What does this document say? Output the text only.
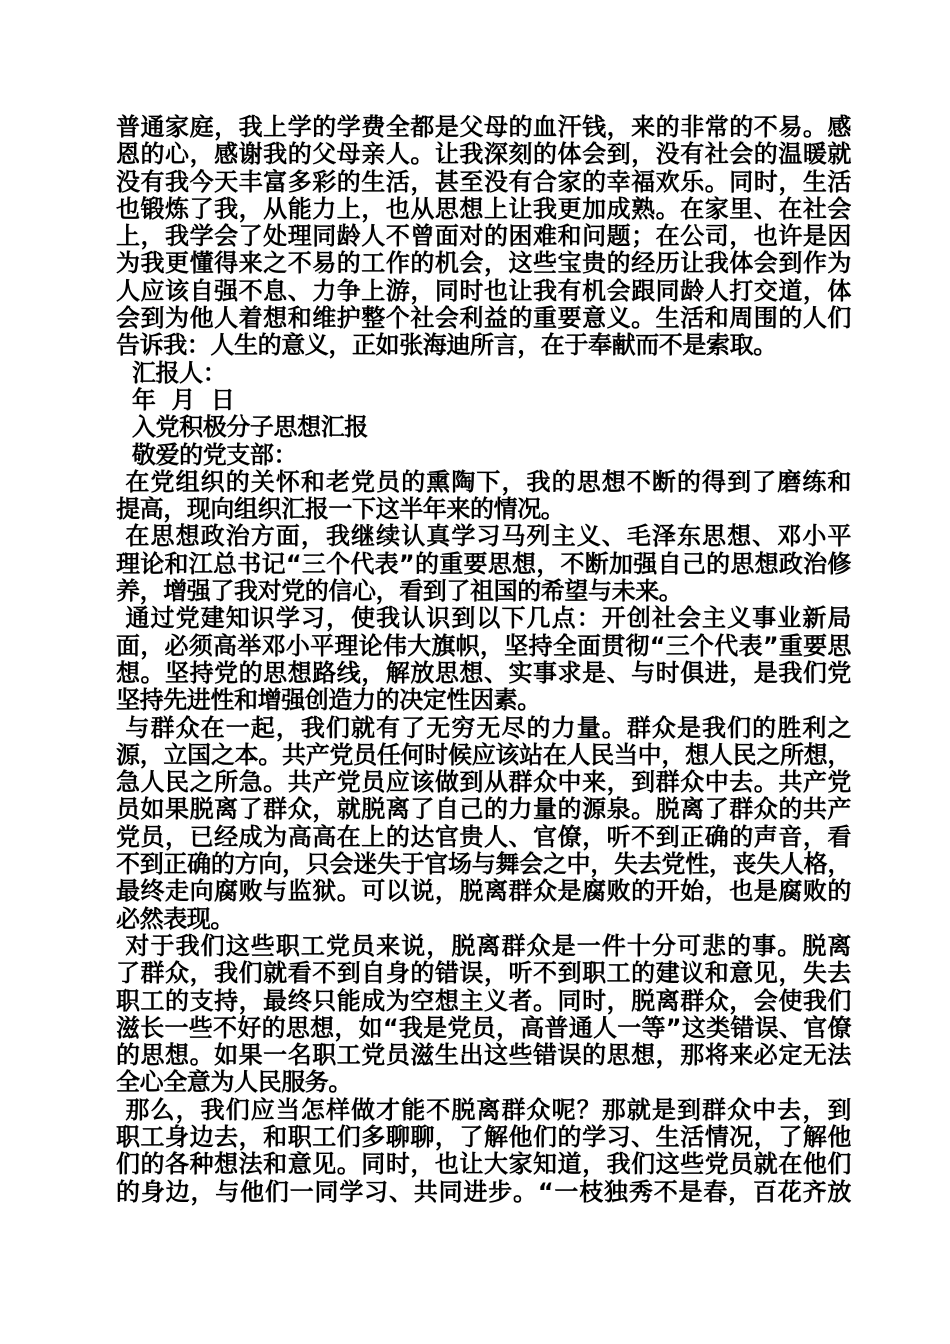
普通家庭，我上学的学费全都是父母的血汗钱，来的非常的不易。感
恩的心，感谢我的父母亲人。让我深刻的体会到，没有社会的温暖就
没有我今天丰富多彩的生活，甚至没有合家的幸福欢乐。同时，生活
也锻炼了我，从能力上，也从思想上让我更加成熟。在家里、在社会
上，我学会了处理同龄人不曾面对的困难和问题；在公司，也许是因
为我更懂得来之不易的工作的机会，这些宝贵的经历让我体会到作为
人应该自强不息、力争上游，同时也让我有机会跟同龄人打交道，体
会到为他人着想和维护整个社会利益的重要意义。生活和周围的人们
告诉我：人生的意义，正如张海迪所言，在于奉献而不是索取。
汇报人：
年  月  日
入党积极分子思想汇报
敬爱的党支部：
在党组织的关怀和老党员的熏陶下，我的思想不断的得到了磨练和
提高，现向组织汇报一下这半年来的情况。
在思想政治方面，我继续认真学习马列主义、毛泽东思想、邓小平
理论和江总书记“三个代表”的重要思想，不断加强自己的思想政治修
养，增强了我对党的信心，看到了祖国的希望与未来。
通过党建知识学习，使我认识到以下几点：开创社会主义事业新局
面，必须高举邓小平理论伟大旗帜，坚持全面贯彻“三个代表”重要思
想。坚持党的思想路线，解放思想、实事求是、与时俱进，是我们党
坚持先进性和增强创造力的决定性因素。
与群众在一起，我们就有了无穷无尽的力量。群众是我们的胜利之
源，立国之本。共产党员任何时候应该站在人民当中，想人民之所想，
急人民之所急。共产党员应该做到从群众中来，到群众中去。共产党
员如果脱离了群众，就脱离了自己的力量的源泉。脱离了群众的共产
党员，已经成为高高在上的达官贵人、官僚，听不到正确的声音，看
不到正确的方向，只会迷失于官场与舞会之中，失去党性，丧失人格，
最终走向腐败与监狱。可以说，脱离群众是腐败的开始，也是腐败的
必然表现。
对于我们这些职工党员来说，脱离群众是一件十分可悲的事。脱离
了群众，我们就看不到自身的错误，听不到职工的建议和意见，失去
职工的支持，最终只能成为空想主义者。同时，脱离群众，会使我们
滋长一些不好的思想，如“我是党员，高普通人一等”这类错误、官僚
的思想。如果一名职工党员滋生出这些错误的思想，那将来必定无法
全心全意为人民服务。
那么，我们应当怎样做才能不脱离群众呢？那就是到群众中去，到
职工身边去，和职工们多聊聊，了解他们的学习、生活情况，了解他
们的各种想法和意见。同时，也让大家知道，我们这些党员就在他们
的身边，与他们一同学习、共同进步。“一枝独秀不是春，百花齐放
